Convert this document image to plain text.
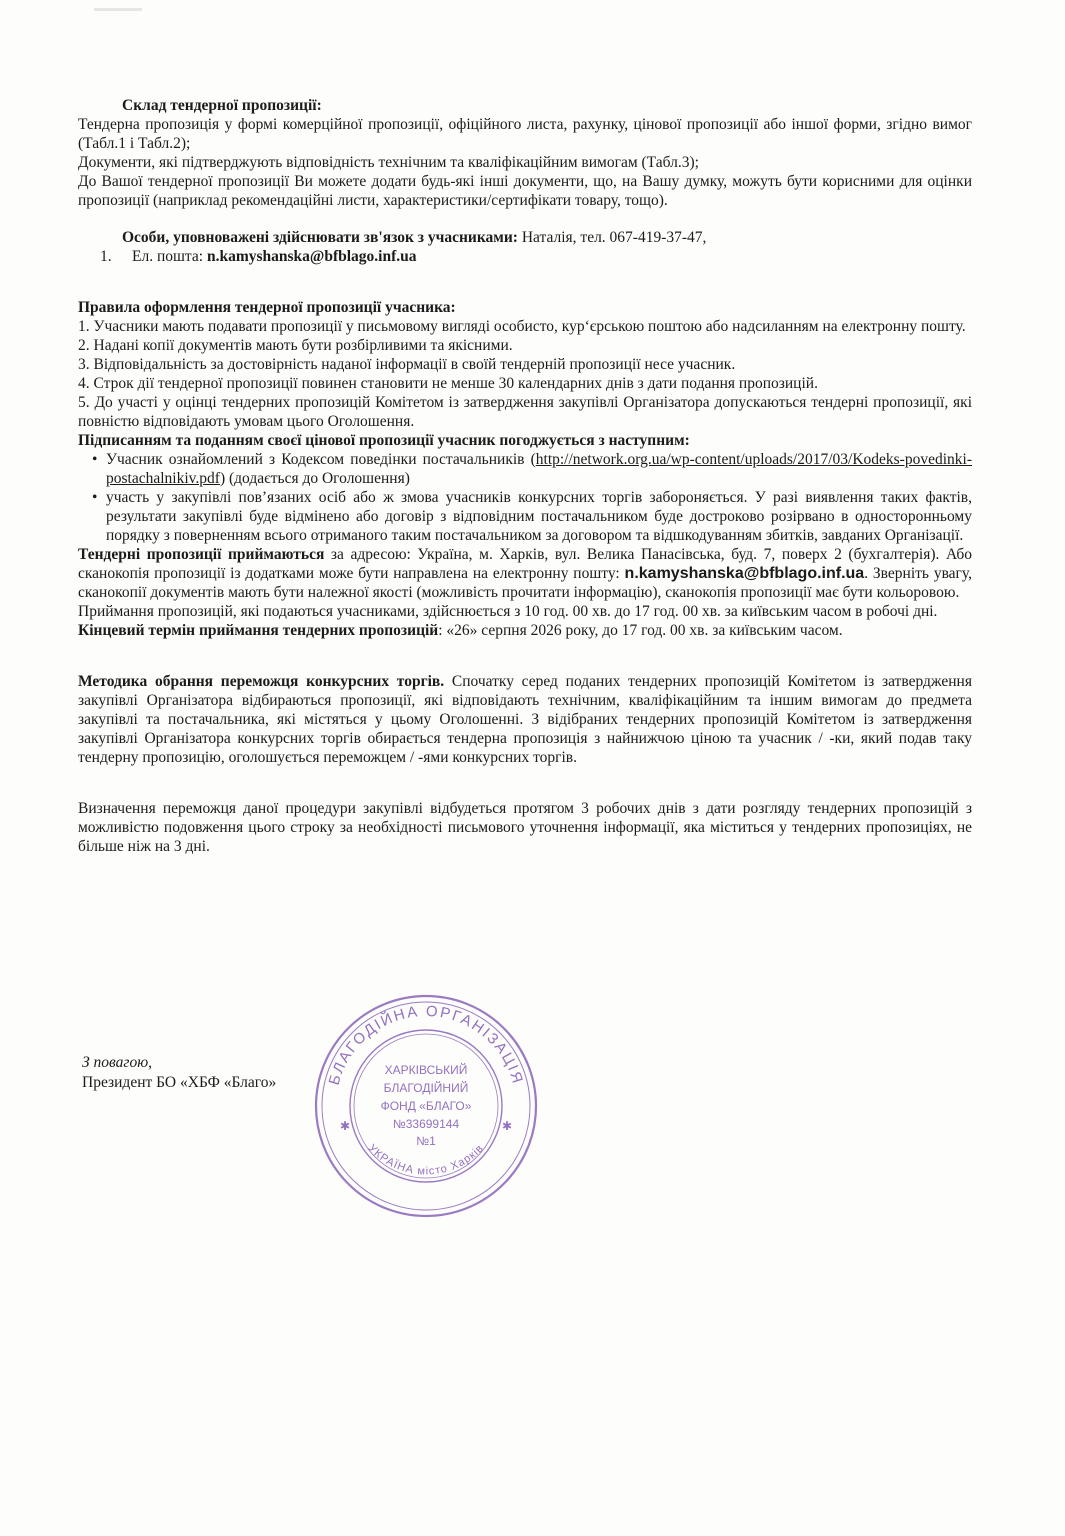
Склад тендерної пропозиції:

Тендерна пропозиція у формі комерційної пропозиції, офіційного листа, рахунку, цінової пропозиції або іншої форми, згідно вимог (Табл.1 і Табл.2);

Документи, які підтверджують відповідність технічним та кваліфікаційним вимогам (Табл.3);

До Вашої тендерної пропозиції Ви можете додати будь-які інші документи, що, на Вашу думку, можуть бути корисними для оцінки пропозиції (наприклад рекомендаційні листи, характеристики/сертифікати товару, тощо).

Особи, уповноважені здійснювати зв'язок з учасниками: Наталія, тел. 067-419-37-47,

1. Ел. пошта: n.kamyshanska@bfblago.inf.ua

Правила оформлення тендерної пропозиції учасника:

1. Учасники мають подавати пропозиції у письмовому вигляді особисто, кур‘єрською поштою або надсиланням на електронну пошту.

2. Надані копії документів мають бути розбірливими та якісними.

3. Відповідальність за достовірність наданої інформації в своїй тендерній пропозиції несе учасник.

4. Строк дії тендерної пропозиції повинен становити не менше 30 календарних днів з дати подання пропозицій.

5. До участі у оцінці тендерних пропозицій Комітетом із затвердження закупівлі Організатора допускаються тендерні пропозиції, які повністю відповідають умовам цього Оголошення.

Підписанням та поданням своєї цінової пропозиції учасник погоджується з наступним:

• Учасник ознайомлений з Кодексом поведінки постачальників (http://network.org.ua/wp-content/uploads/2017/03/Kodeks-povedinki-postachalnikiv.pdf) (додається до Оголошення)
• участь у закупівлі пов’язаних осіб або ж змова учасників конкурсних торгів забороняється. У разі виявлення таких фактів, результати закупівлі буде відмінено або договір з відповідним постачальником буде достроково розірвано в односторонньому порядку з поверненням всього отриманого таким постачальником за договором та відшкодуванням збитків, завданих Організації.

Тендерні пропозиції приймаються за адресою: Україна, м. Харків, вул. Велика Панасівська, буд. 7, поверх 2 (бухгалтерія). Або сканокопія пропозиції із додатками може бути направлена на електронну пошту: n.kamyshanska@bfblago.inf.ua. Зверніть увагу, сканокопії документів мають бути належної якості (можливість прочитати інформацію), сканокопія пропозиції має бути кольоровою.

Приймання пропозицій, які подаються учасниками, здійснюється з 10 год. 00 хв. до 17 год. 00 хв. за київським часом в робочі дні.

Кінцевий термін приймання тендерних пропозицій: «26» серпня 2026 року, до 17 год. 00 хв. за київським часом.

Методика обрання переможця конкурсних торгів. Спочатку серед поданих тендерних пропозицій Комітетом із затвердження закупівлі Організатора відбираються пропозиції, які відповідають технічним, кваліфікаційним та іншим вимогам до предмета закупівлі та постачальника, які містяться у цьому Оголошенні. З відібраних тендерних пропозицій Комітетом із затвердження закупівлі Організатора конкурсних торгів обирається тендерна пропозиція з найнижчою ціною та учасник / -ки, який подав таку тендерну пропозицію, оголошується переможцем / -ями конкурсних торгів.

Визначення переможця даної процедури закупівлі відбудеться протягом 3 робочих днів з дати розгляду тендерних пропозицій з можливістю подовження цього строку за необхідності письмового уточнення інформації, яка міститься у тендерних пропозиціях, не більше ніж на 3 дні.

З повагою,

Президент БО «ХБФ «Благо»	БЛАГОДІЙНА ОРГАНІЗАЦІЯ
УКРАЇНА місто Харків
ХАРКІВСЬКИЙ
БЛАГОДІЙНИЙ
ФОНД «БЛАГО»
№33699144
№1
✱	✱
